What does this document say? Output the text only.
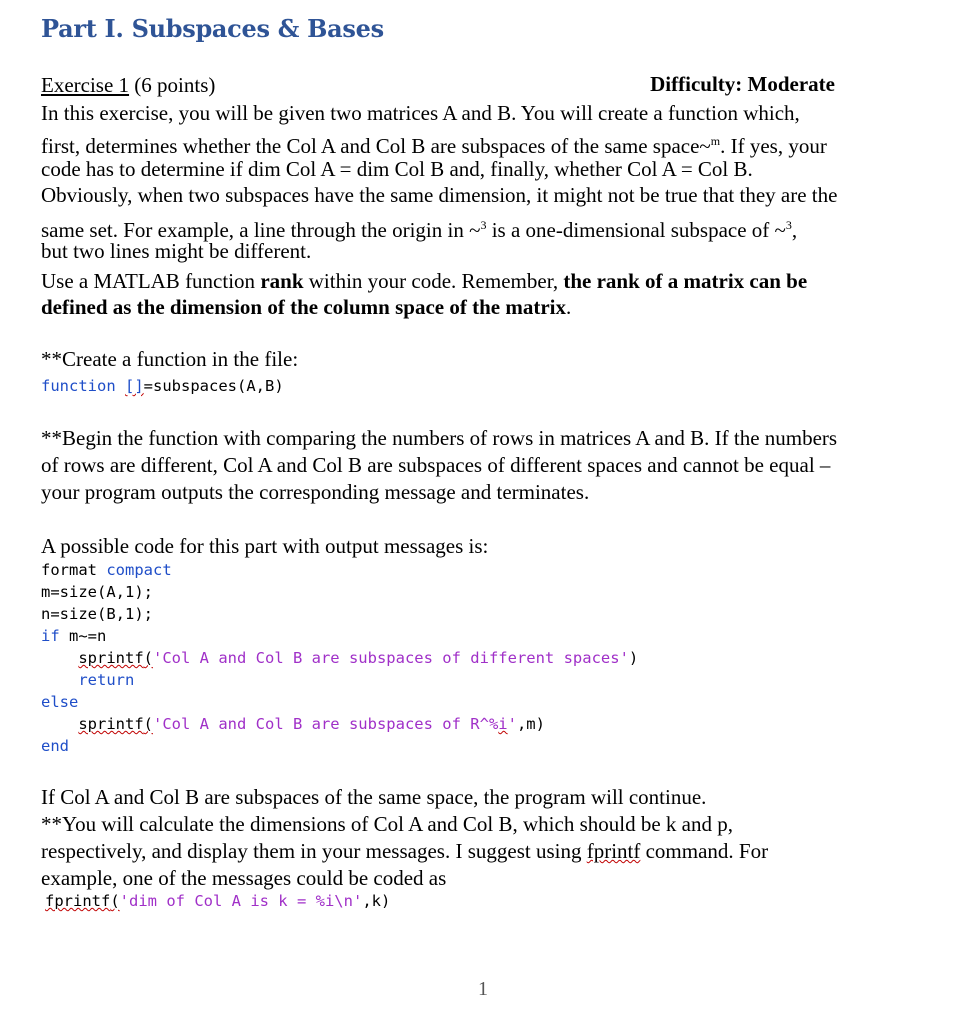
Part I. Subspaces & Bases
Exercise 1 (6 points)	Difficulty: Moderate
In this exercise, you will be given two matrices A and B. You will create a function which,
first, determines whether the Col A and Col B are subspaces of the same space~$^m$. If yes, your
code has to determine if dim Col A = dim Col B and, finally, whether Col A = Col B.
Obviously, when two subspaces have the same dimension, it might not be true that they are the
same set. For example, a line through the origin in ~$^3$ is a one-dimensional subspace of ~$^3$,
but two lines might be different.
Use a MATLAB function rank within your code. Remember, the rank of a matrix can be
defined as the dimension of the column space of the matrix.
**Create a function in the file:
function []=subspaces(A,B)
**Begin the function with comparing the numbers of rows in matrices A and B. If the numbers
of rows are different, Col A and Col B are subspaces of different spaces and cannot be equal –
your program outputs the corresponding message and terminates.
A possible code for this part with output messages is:
format compact
m=size(A,1);
n=size(B,1);
if m~=n
sprintf('Col A and Col B are subspaces of different spaces')
return
else
sprintf('Col A and Col B are subspaces of R^%i',m)
end
If Col A and Col B are subspaces of the same space, the program will continue.
**You will calculate the dimensions of Col A and Col B, which should be k and p,
respectively, and display them in your messages. I suggest using fprintf command. For
example, one of the messages could be coded as
fprintf('dim of Col A is k = %i\n',k)
1
